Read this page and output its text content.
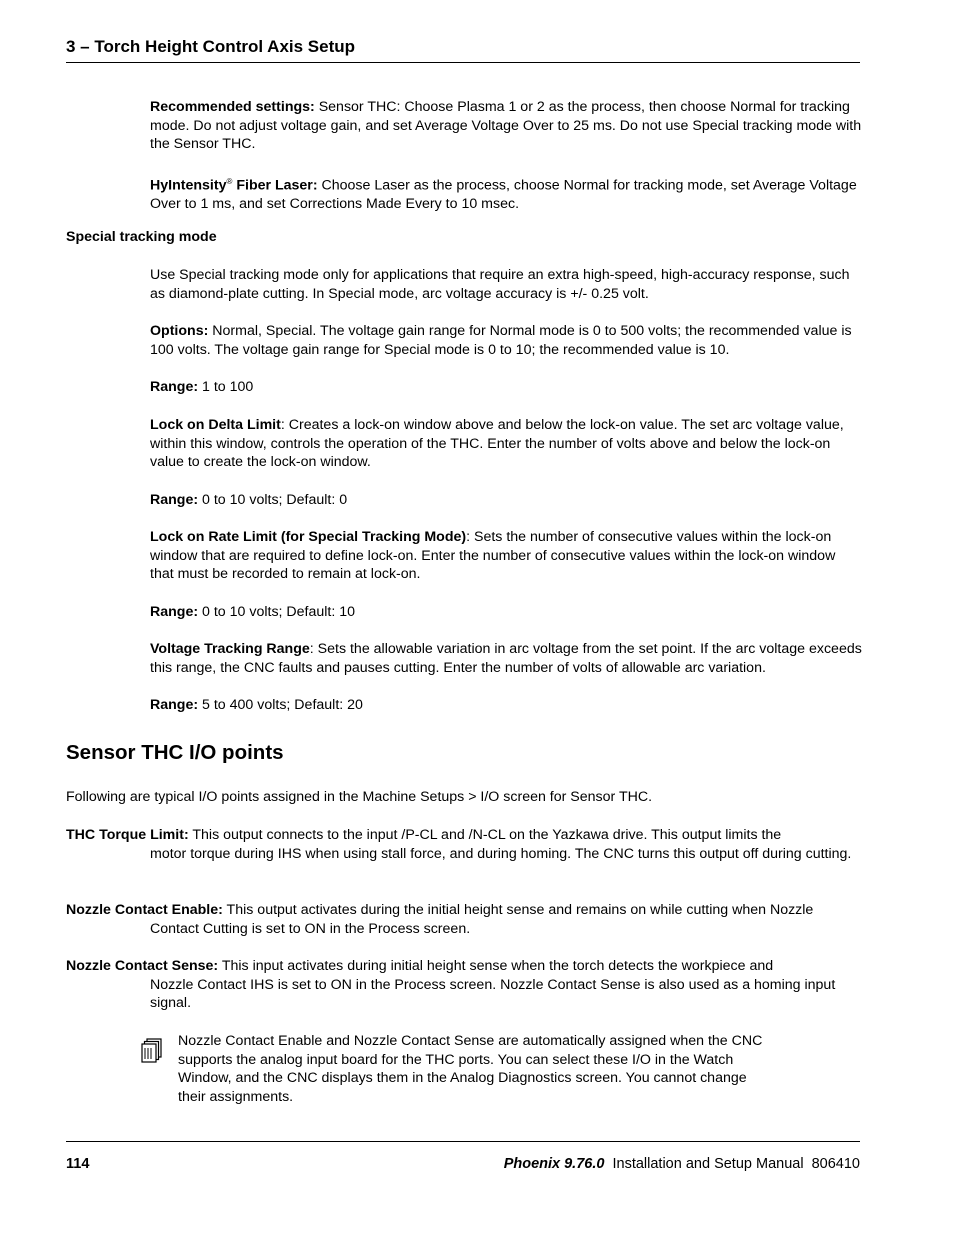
3 – Torch Height Control Axis Setup
Recommended settings: Sensor THC: Choose Plasma 1 or 2 as the process, then choose Normal for tracking mode. Do not adjust voltage gain, and set Average Voltage Over to 25 ms. Do not use Special tracking mode with the Sensor THC.
HyIntensity® Fiber Laser: Choose Laser as the process, choose Normal for tracking mode, set Average Voltage Over to 1 ms, and set Corrections Made Every to 10 msec.
Special tracking mode
Use Special tracking mode only for applications that require an extra high-speed, high-accuracy response, such as diamond-plate cutting. In Special mode, arc voltage accuracy is +/- 0.25 volt.
Options: Normal, Special. The voltage gain range for Normal mode is 0 to 500 volts; the recommended value is 100 volts. The voltage gain range for Special mode is 0 to 10; the recommended value is 10.
Range: 1 to 100
Lock on Delta Limit: Creates a lock-on window above and below the lock-on value. The set arc voltage value, within this window, controls the operation of the THC. Enter the number of volts above and below the lock-on value to create the lock-on window.
Range: 0 to 10 volts; Default: 0
Lock on Rate Limit (for Special Tracking Mode): Sets the number of consecutive values within the lock-on window that are required to define lock-on. Enter the number of consecutive values within the lock-on window that must be recorded to remain at lock-on.
Range: 0 to 10 volts; Default: 10
Voltage Tracking Range: Sets the allowable variation in arc voltage from the set point. If the arc voltage exceeds this range, the CNC faults and pauses cutting. Enter the number of volts of allowable arc variation.
Range: 5 to 400 volts; Default: 20
Sensor THC I/O points
Following are typical I/O points assigned in the Machine Setups > I/O screen for Sensor THC.
THC Torque Limit: This output connects to the input /P-CL and /N-CL on the Yazkawa drive. This output limits the
motor torque during IHS when using stall force, and during homing. The CNC turns this output off during cutting.
Nozzle Contact Enable: This output activates during the initial height sense and remains on while cutting when Nozzle
Contact Cutting is set to ON in the Process screen.
Nozzle Contact Sense: This input activates during initial height sense when the torch detects the workpiece and
Nozzle Contact IHS is set to ON in the Process screen. Nozzle Contact Sense is also used as a homing input signal.
Nozzle Contact Enable and Nozzle Contact Sense are automatically assigned when the CNC supports the analog input board for the THC ports. You can select these I/O in the Watch Window, and the CNC displays them in the Analog Diagnostics screen. You cannot change their assignments.
114	Phoenix 9.76.0  Installation and Setup Manual  806410
